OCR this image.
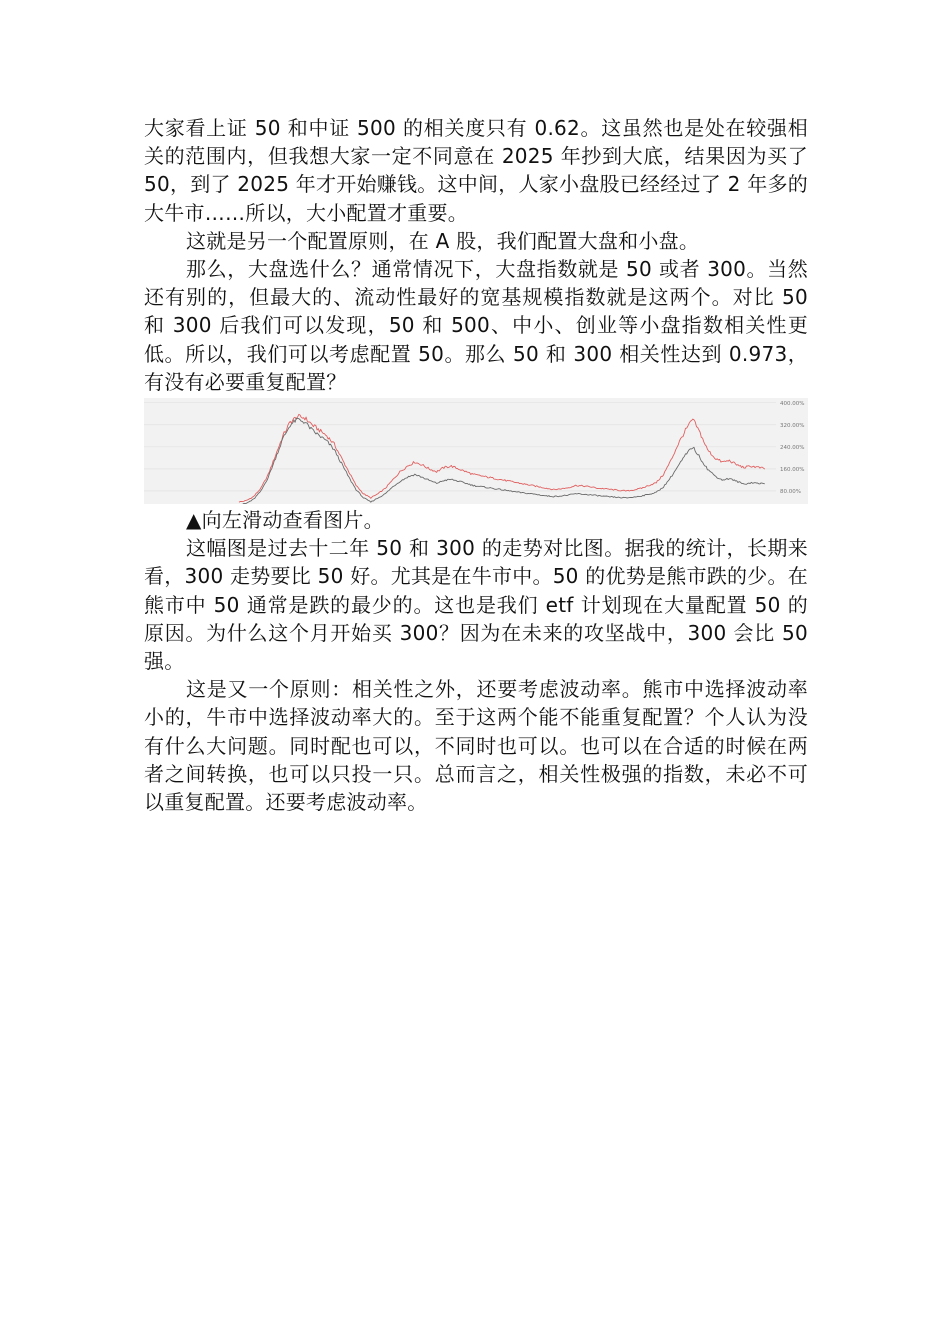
大家看上证 50 和中证 500 的相关度只有 0.62。这虽然也是处在较强相关的范围内，但我想大家一定不同意在 2025 年抄到大底，结果因为买了 50，到了 2025 年才开始赚钱。这中间，人家小盘股已经经过了 2 年多的大牛市……所以，大小配置才重要。

这就是另一个配置原则，在 A 股，我们配置大盘和小盘。

那么，大盘选什么？通常情况下，大盘指数就是 50 或者 300。当然还有别的，但最大的、流动性最好的宽基规模指数就是这两个。对比 50 和 300 后我们可以发现，50 和 500、中小、创业等小盘指数相关性更低。所以，我们可以考虑配置 50。那么 50 和 300 相关性达到 0.973，有没有必要重复配置？

80.00%
160.00%
240.00%
320.00%
400.00%

▲向左滑动查看图片。

这幅图是过去十二年 50 和 300 的走势对比图。据我的统计，长期来看，300 走势要比 50 好。尤其是在牛市中。50 的优势是熊市跌的少。在熊市中 50 通常是跌的最少的。这也是我们 etf 计划现在大量配置 50 的原因。为什么这个月开始买 300？因为在未来的攻坚战中，300 会比 50 强。

这是又一个原则：相关性之外，还要考虑波动率。熊市中选择波动率小的，牛市中选择波动率大的。至于这两个能不能重复配置？个人认为没有什么大问题。同时配也可以，不同时也可以。也可以在合适的时候在两者之间转换，也可以只投一只。总而言之，相关性极强的指数，未必不可以重复配置。还要考虑波动率。
